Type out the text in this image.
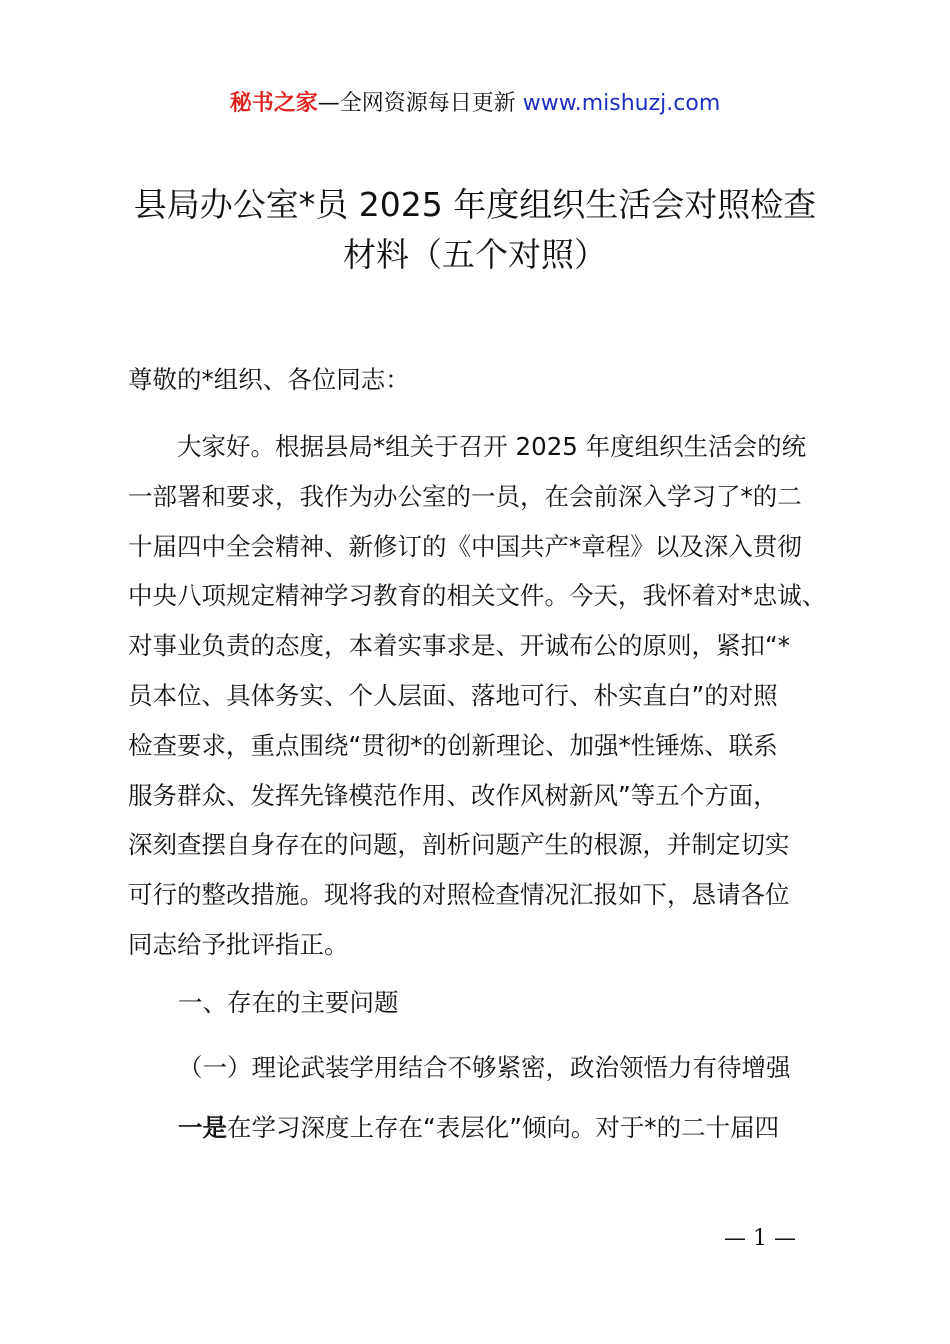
秘书之家—全网资源每日更新 www.mishuzj.com
县局办公室*员 2025 年度组织生活会对照检查
材料（五个对照）
尊敬的*组织、各位同志：
　　大家好。根据县局*组关于召开 2025 年度组织生活会的统
一部署和要求，我作为办公室的一员，在会前深入学习了*的二
十届四中全会精神、新修订的《中国共产*章程》以及深入贯彻
中央八项规定精神学习教育的相关文件。今天，我怀着对*忠诚、
对事业负责的态度，本着实事求是、开诚布公的原则，紧扣“*
员本位、具体务实、个人层面、落地可行、朴实直白”的对照
检查要求，重点围绕“贯彻*的创新理论、加强*性锤炼、联系
服务群众、发挥先锋模范作用、改作风树新风”等五个方面，
深刻查摆自身存在的问题，剖析问题产生的根源，并制定切实
可行的整改措施。现将我的对照检查情况汇报如下，恳请各位
同志给予批评指正。
一、存在的主要问题
（一）理论武装学用结合不够紧密，政治领悟力有待增强
一是在学习深度上存在“表层化”倾向。对于*的二十届四
— 1 —
